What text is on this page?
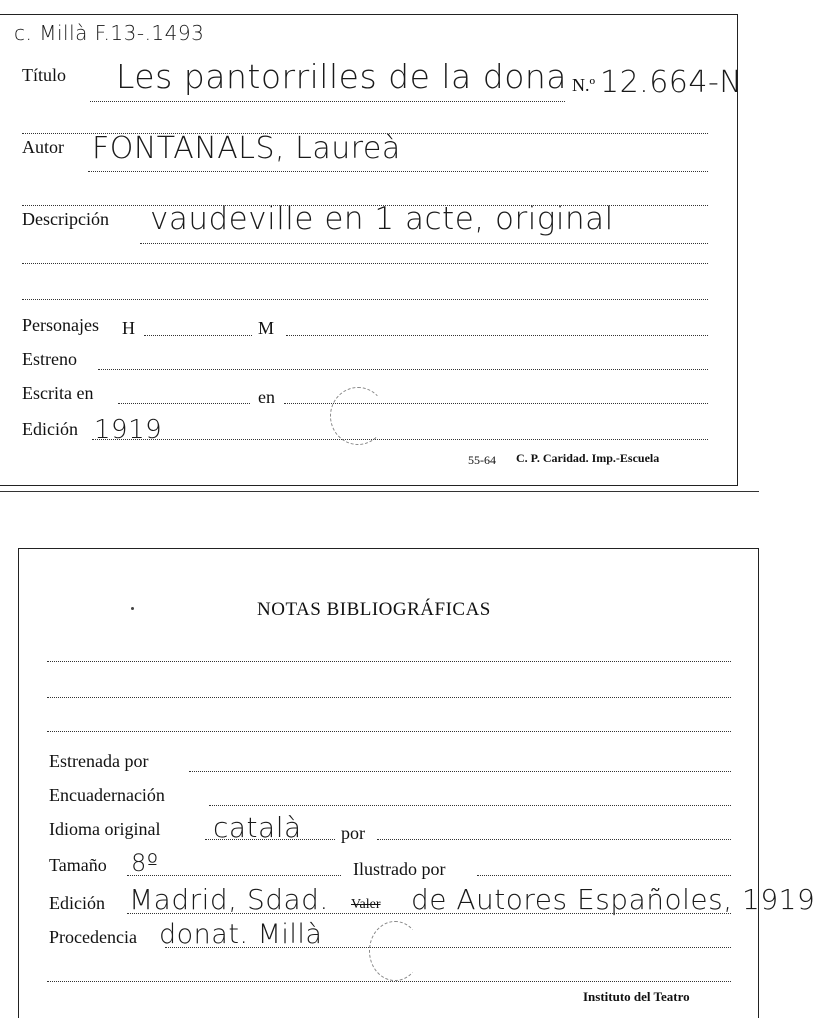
c. Millà F.13-.1493
Título Les pantorrilles de la dona N.º 12.664-N
Autor FONTANALS, Laureà
Descripción vaudeville en 1 acte, original
Personajes H	M
Estreno
Escrita en	en
Edición 1919
55-64 C. P. Caridad. Imp.-Escuela
NOTAS BIBLIOGRÁFICAS
Estrenada por
Encuadernación
Idioma original català por
Tamaño 8º	Ilustrado por
Edición Madrid, Sdad. Valer de Autores Españoles, 1919
Procedencia donat. Millà
Instituto del Teatro
